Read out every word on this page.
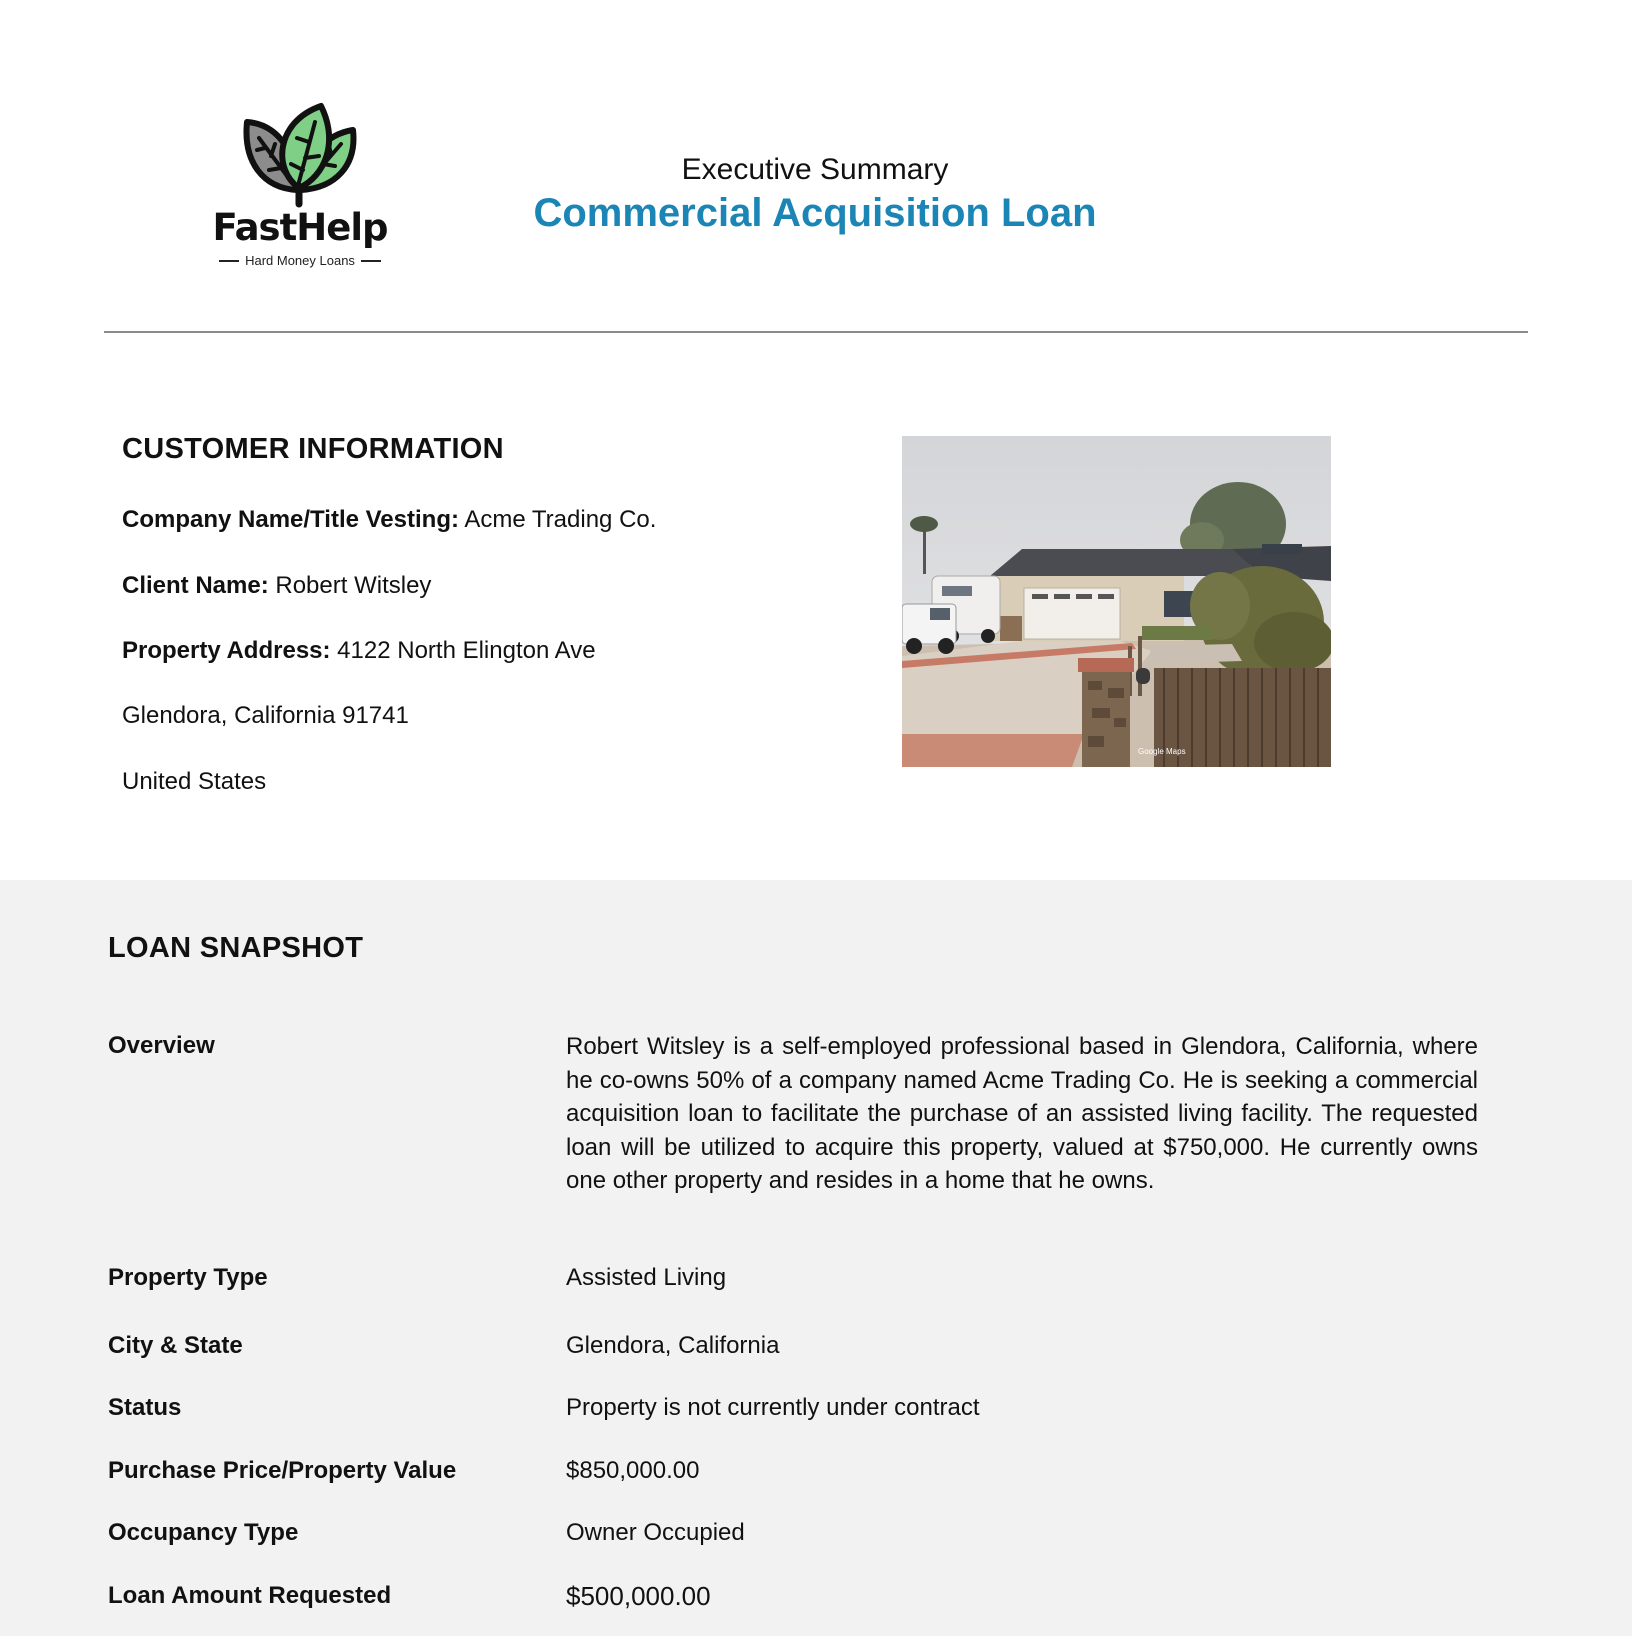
FastHelp
Hard Money Loans
Executive Summary
Commercial Acquisition Loan
CUSTOMER INFORMATION
Company Name/Title Vesting: Acme Trading Co.
Client Name: Robert Witsley
Property Address: 4122 North Elington Ave
Glendora, California 91741
United States
Google Maps
LOAN SNAPSHOT
Overview	Robert Witsley is a self-employed professional based in Glendora, California, where he co-owns 50% of a company named Acme Trading Co. He is seeking a commercial acquisition loan to facilitate the purchase of an assisted living facility. The requested loan will be utilized to acquire this property, valued at $750,000. He currently owns one other property and resides in a home that he owns.
Property Type	Assisted Living
City & State	Glendora, California
Status	Property is not currently under contract
Purchase Price/Property Value	$850,000.00
Occupancy Type	Owner Occupied
Loan Amount Requested	$500,000.00
